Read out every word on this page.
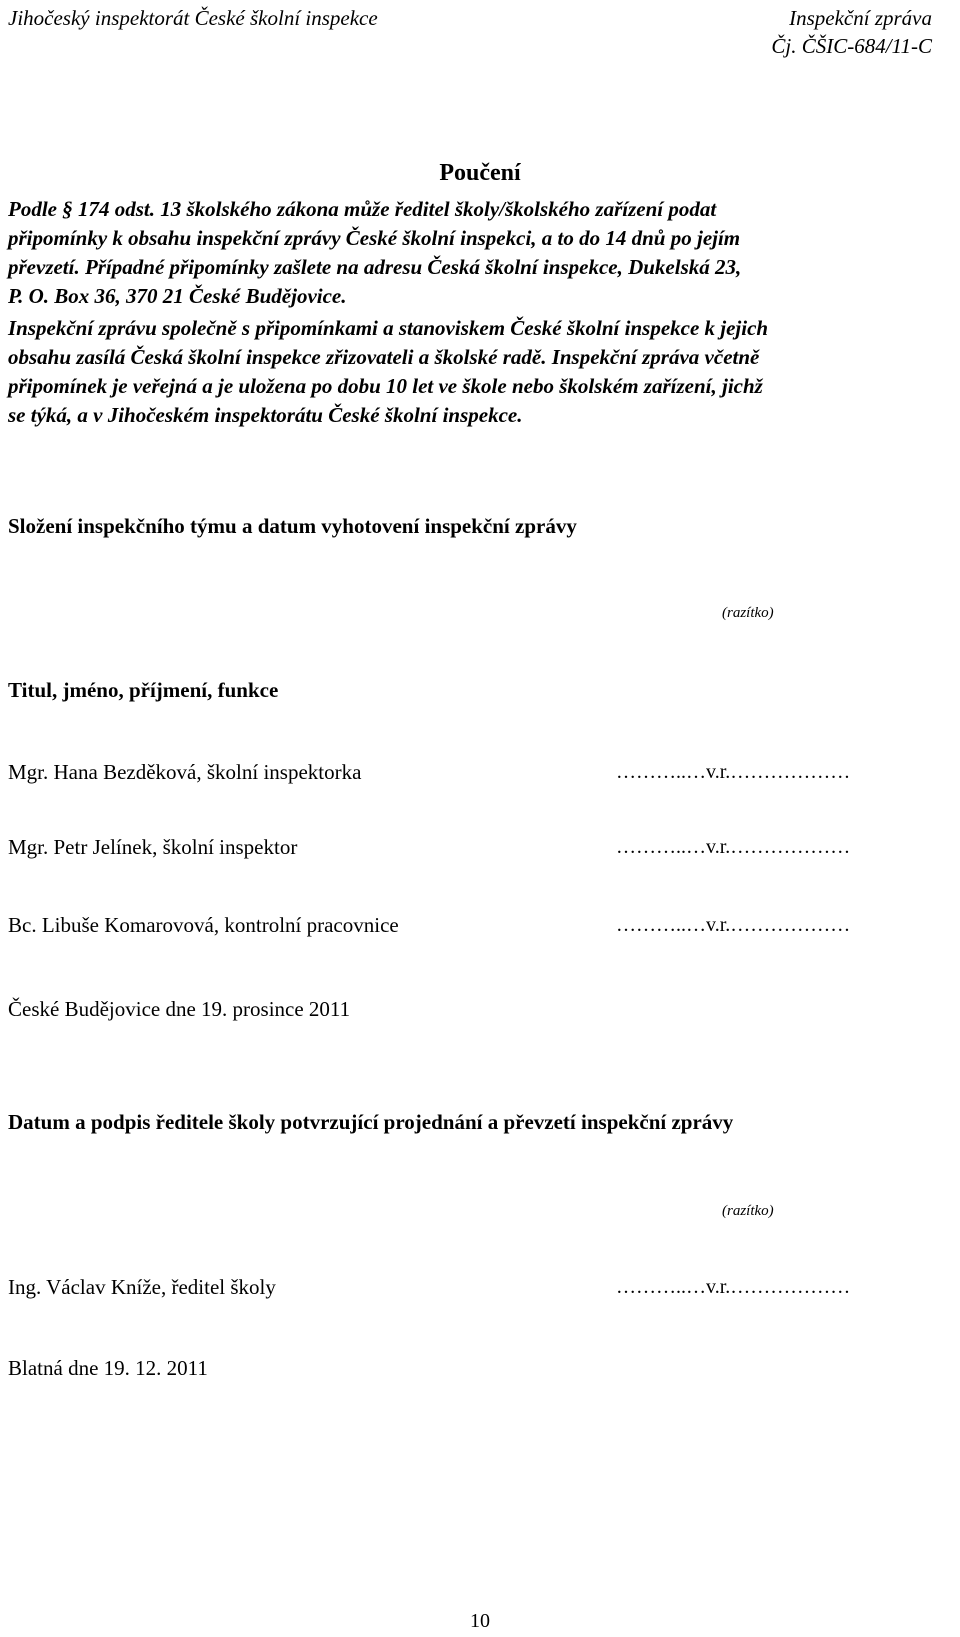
Jihočeský inspektorát České školní inspekce	Inspekční zpráva
Čj. ČŠIC-684/11-C
Poučení
Podle § 174 odst. 13 školského zákona může ředitel školy/školského zařízení podat
připomínky k obsahu inspekční zprávy České školní inspekci, a to do 14 dnů po jejím
převzetí. Případné připomínky zašlete na adresu Česká školní inspekce, Dukelská 23,
P. O. Box 36, 370 21 České Budějovice.
Inspekční zprávu společně s připomínkami a stanoviskem České školní inspekce k jejich
obsahu zasílá Česká školní inspekce zřizovateli a školské radě. Inspekční zpráva včetně
připomínek je veřejná a je uložena po dobu 10 let ve škole nebo školském zařízení, jichž
se týká, a v Jihočeském inspektorátu České školní inspekce.
Složení inspekčního týmu a datum vyhotovení inspekční zprávy
(razítko)
Titul, jméno, příjmení, funkce
Mgr. Hana Bezděková, školní inspektorka	………..…v.r.………………
Mgr. Petr Jelínek, školní inspektor	………..…v.r.………………
Bc. Libuše Komarovová, kontrolní pracovnice	………..…v.r.………………
České Budějovice dne 19. prosince 2011
Datum a podpis ředitele školy potvrzující projednání a převzetí inspekční zprávy
(razítko)
Ing. Václav Kníže, ředitel školy	………..…v.r.………………
Blatná dne 19. 12. 2011
10
